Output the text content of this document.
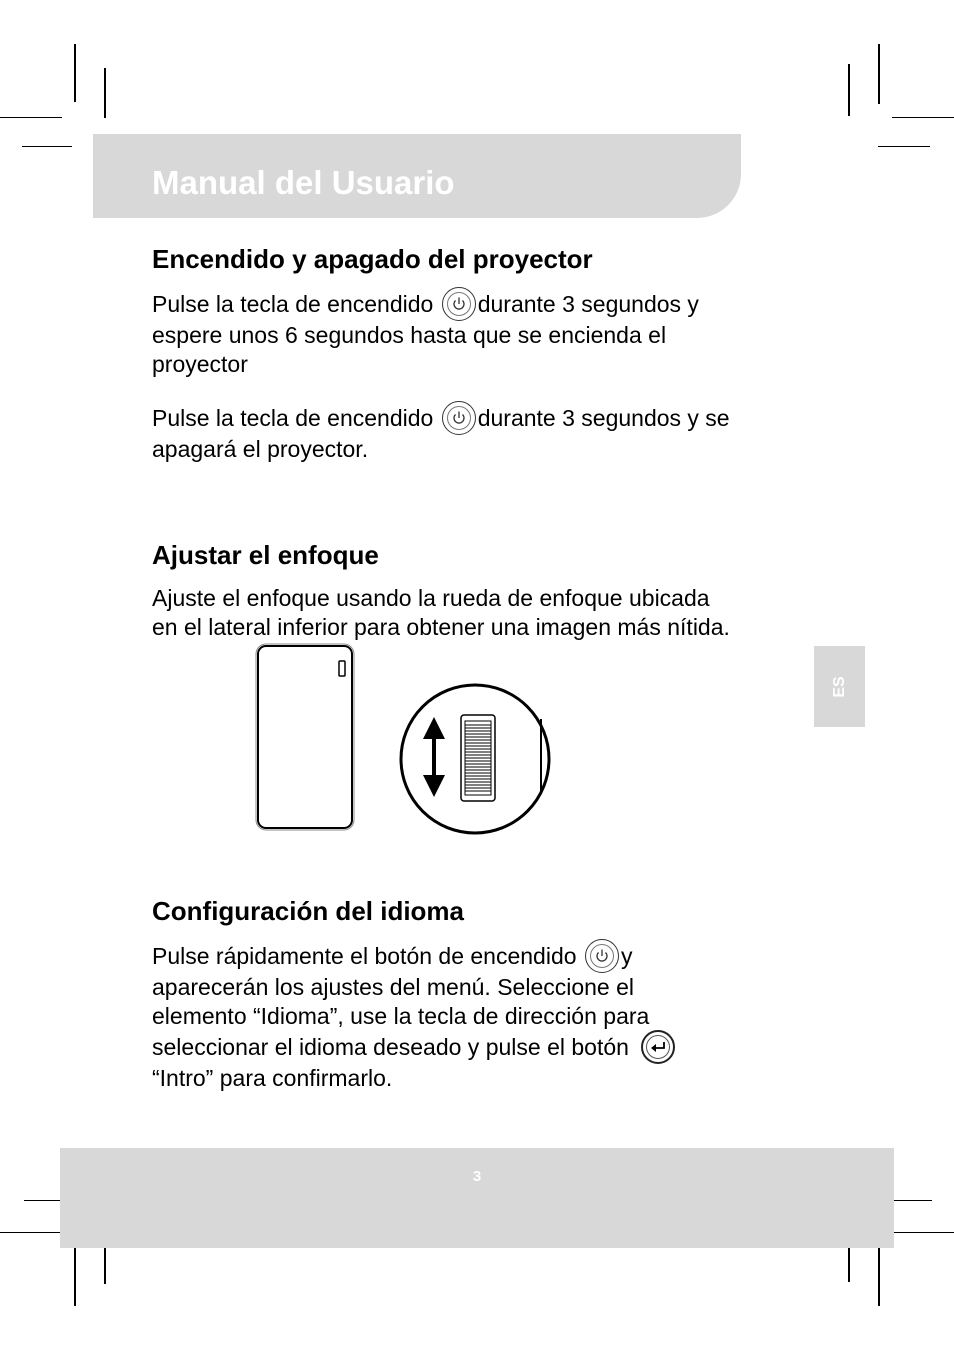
Manual del Usuario
Encendido y apagado del proyector
Pulse la tecla de encendido durante 3 segundos y
espere unos 6 segundos hasta que se encienda el
proyector
Pulse la tecla de encendido durante 3 segundos y se
apagará el proyector.
Ajustar el enfoque
Ajuste el enfoque usando la rueda de enfoque ubicada
en el lateral inferior para obtener una imagen más nítida.
Configuración del idioma
Pulse rápidamente el botón de encendido y
aparecerán los ajustes del menú. Seleccione el
elemento “Idioma”, use la tecla de dirección para
seleccionar el idioma deseado y pulse el botón
“Intro” para confirmarlo.
ES
3
